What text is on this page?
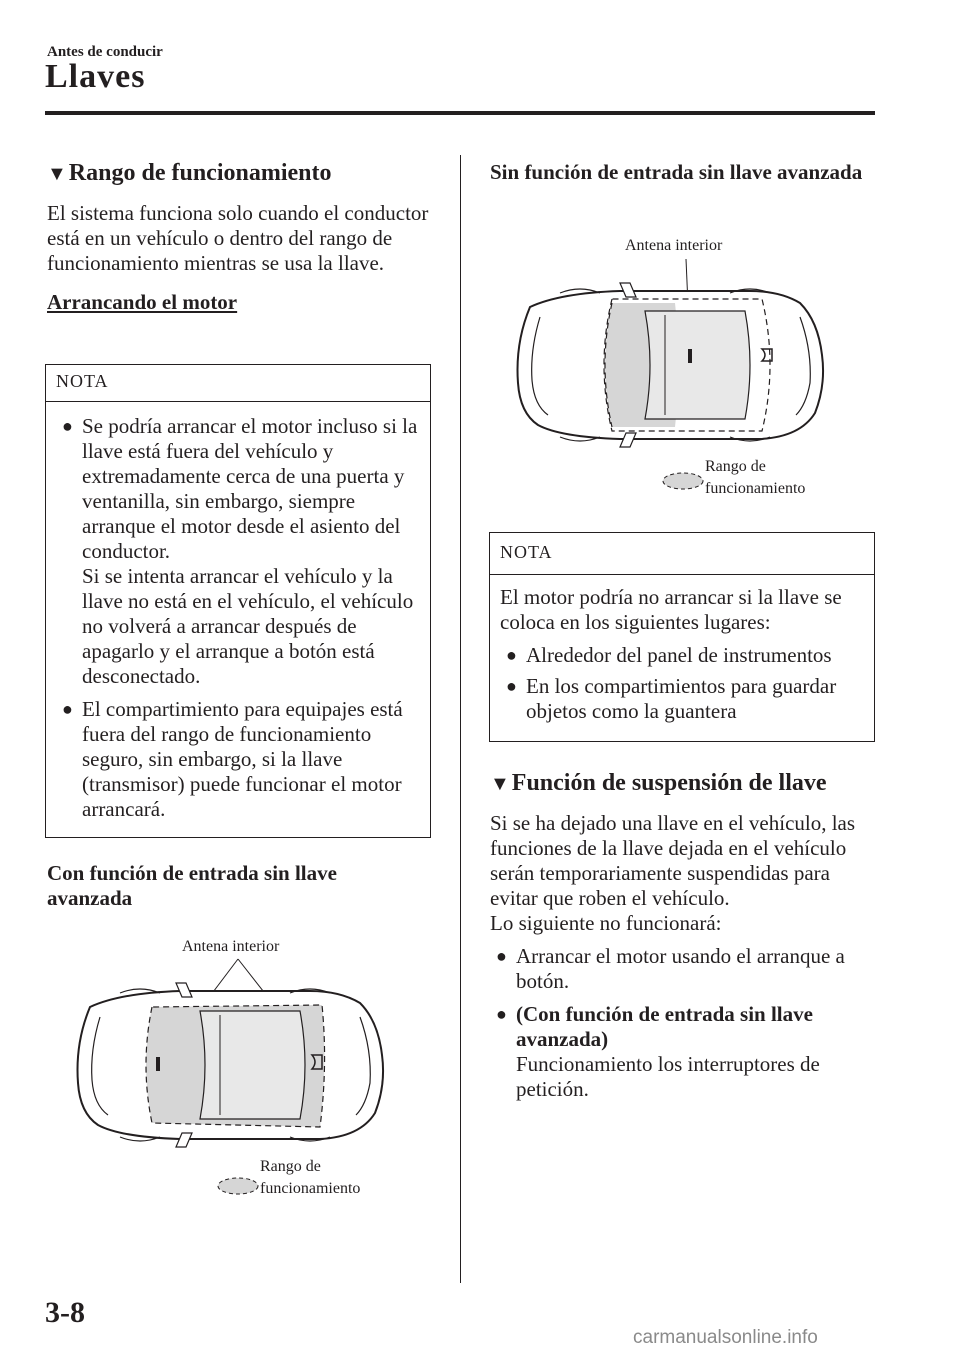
Antes de conducir
Llaves
▼Rango de funcionamiento

El sistema funciona solo cuando el conductor está en un vehículo o dentro del rango de funcionamiento mientras se usa la llave.

Arrancando el motor

NOTA
● Se podría arrancar el motor incluso si la llave está fuera del vehículo y extremadamente cerca de una puerta y ventanilla, sin embargo, siempre arranque el motor desde el asiento del conductor.
Si se intenta arrancar el vehículo y la llave no está en el vehículo, el vehículo no volverá a arrancar después de apagarlo y el arranque a botón está desconectado.
● El compartimiento para equipajes está fuera del rango de funcionamiento seguro, sin embargo, si la llave (transmisor) puede funcionar el motor arrancará.

Con función de entrada sin llave avanzada

Antena interior
Rango de
funcionamiento

Sin función de entrada sin llave avanzada

Antena interior
Rango de
funcionamiento
NOTA

El motor podría no arrancar si la llave se coloca en los siguientes lugares:

● Alrededor del panel de instrumentos
● En los compartimientos para guardar objetos como la guantera
▼Función de suspensión de llave

Si se ha dejado una llave en el vehículo, las funciones de la llave dejada en el vehículo serán temporariamente suspendidas para evitar que roben el vehículo.

Lo siguiente no funcionará:

● Arrancar el motor usando el arranque a botón.
● (Con función de entrada sin llave avanzada)
Funcionamiento los interruptores de petición.
3-8
carmanualsonline.info
